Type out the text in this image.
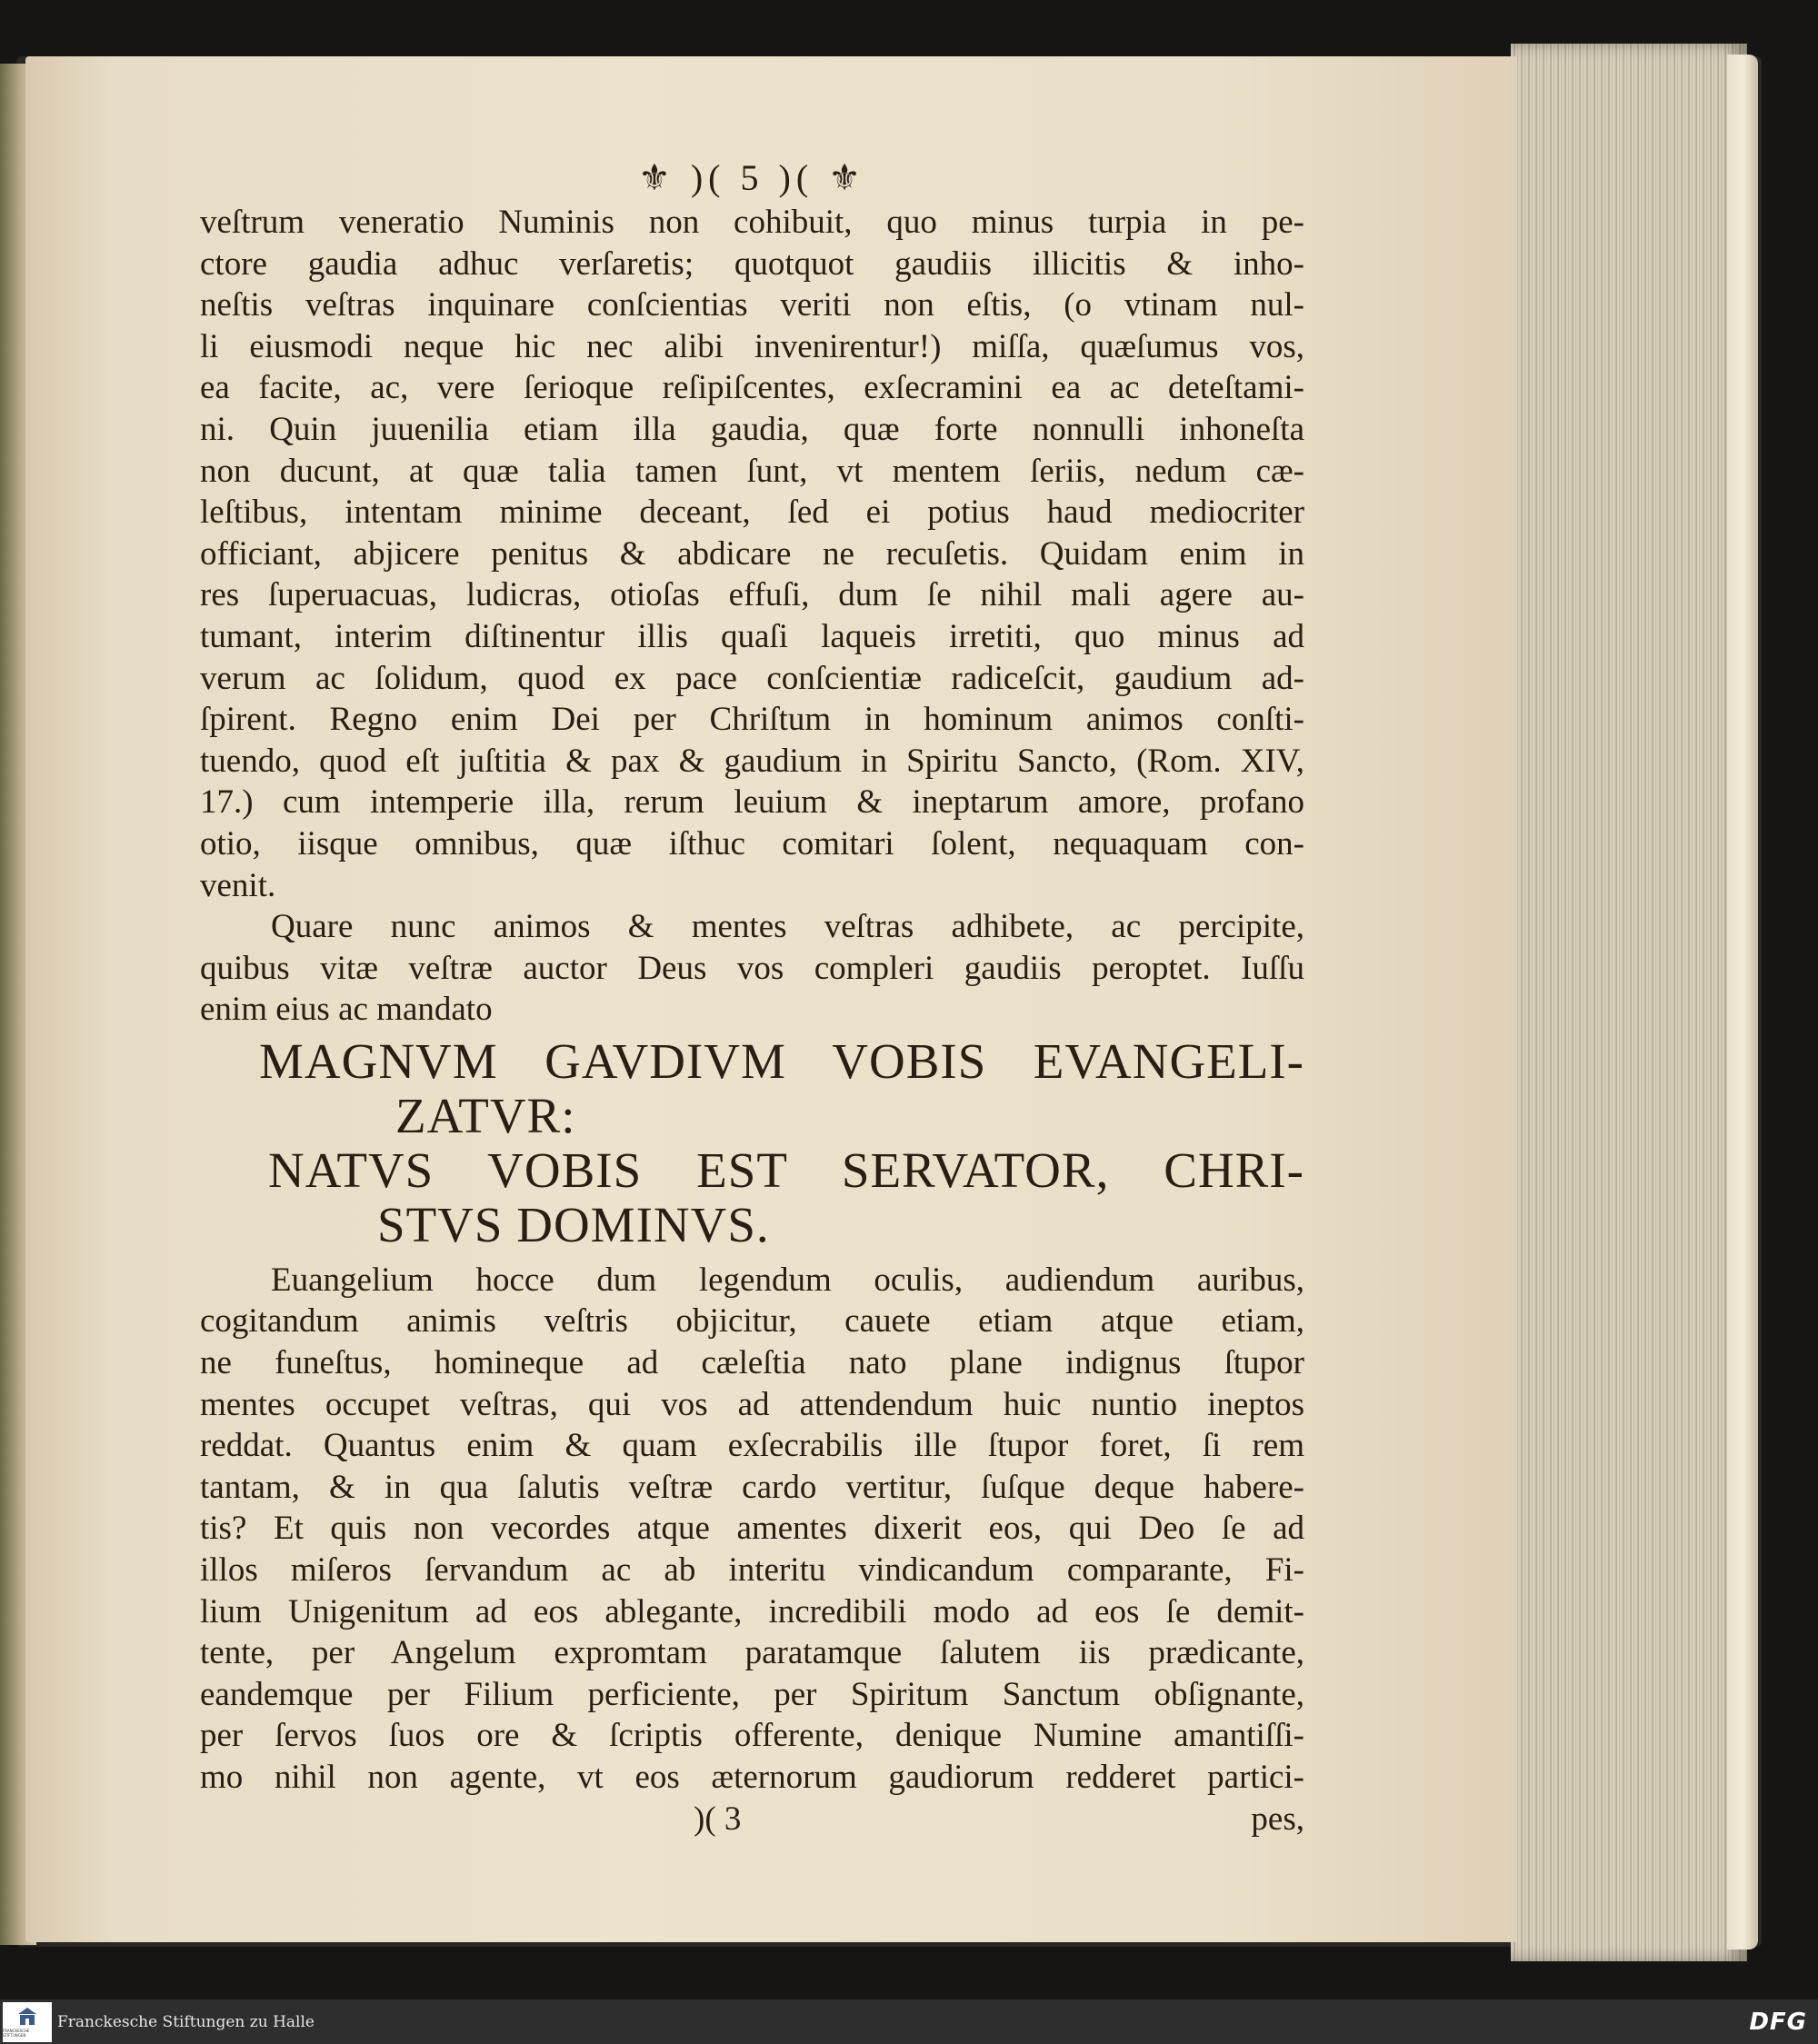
⚜ )( 5 )( ⚜
veſtrum veneratio Numinis non cohibuit, quo minus turpia in pe-
ctore gaudia adhuc verſaretis; quotquot gaudiis illicitis & inho-
neſtis veſtras inquinare conſcientias veriti non eſtis, (o vtinam nul-
li eiusmodi neque hic nec alibi invenirentur!) miſſa, quæſumus vos,
ea facite, ac, vere ſerioque reſipiſcentes, exſecramini ea ac deteſtami-
ni. Quin juuenilia etiam illa gaudia, quæ forte nonnulli inhoneſta
non ducunt, at quæ talia tamen ſunt, vt mentem ſeriis, nedum cæ-
leſtibus, intentam minime deceant, ſed ei potius haud mediocriter
officiant, abjicere penitus & abdicare ne recuſetis. Quidam enim in
res ſuperuacuas, ludicras, otioſas effuſi, dum ſe nihil mali agere au-
tumant, interim diſtinentur illis quaſi laqueis irretiti, quo minus ad
verum ac ſolidum, quod ex pace conſcientiæ radiceſcit, gaudium ad-
ſpirent. Regno enim Dei per Chriſtum in hominum animos conſti-
tuendo, quod eſt juſtitia & pax & gaudium in Spiritu Sancto, (Rom. XIV,
17.) cum intemperie illa, rerum leuium & ineptarum amore, profano
otio, iisque omnibus, quæ iſthuc comitari ſolent, nequaquam con-
venit.
Quare nunc animos & mentes veſtras adhibete, ac percipite,
quibus vitæ veſtræ auctor Deus vos compleri gaudiis peroptet. Iuſſu
enim eius ac mandato
MAGNVM GAVDIVM VOBIS EVANGELI-
ZATVR:
NATVS VOBIS EST SERVATOR, CHRI-
STVS DOMINVS.
Euangelium hocce dum legendum oculis, audiendum auribus,
cogitandum animis veſtris objicitur, cauete etiam atque etiam,
ne funeſtus, homineque ad cæleſtia nato plane indignus ſtupor
mentes occupet veſtras, qui vos ad attendendum huic nuntio ineptos
reddat. Quantus enim & quam exſecrabilis ille ſtupor foret, ſi rem
tantam, & in qua ſalutis veſtræ cardo vertitur, ſuſque deque habere-
tis? Et quis non vecordes atque amentes dixerit eos, qui Deo ſe ad
illos miſeros ſervandum ac ab interitu vindicandum comparante, Fi-
lium Unigenitum ad eos ablegante, incredibili modo ad eos ſe demit-
tente, per Angelum expromtam paratamque ſalutem iis prædicante,
eandemque per Filium perficiente, per Spiritum Sanctum obſignante,
per ſervos ſuos ore & ſcriptis offerente, denique Numine amantiſſi-
mo nihil non agente, vt eos æternorum gaudiorum redderet partici-
)( 3	pes,
FRANCKESCHE STIFTUNGEN
Franckesche Stiftungen zu Halle	DFG
